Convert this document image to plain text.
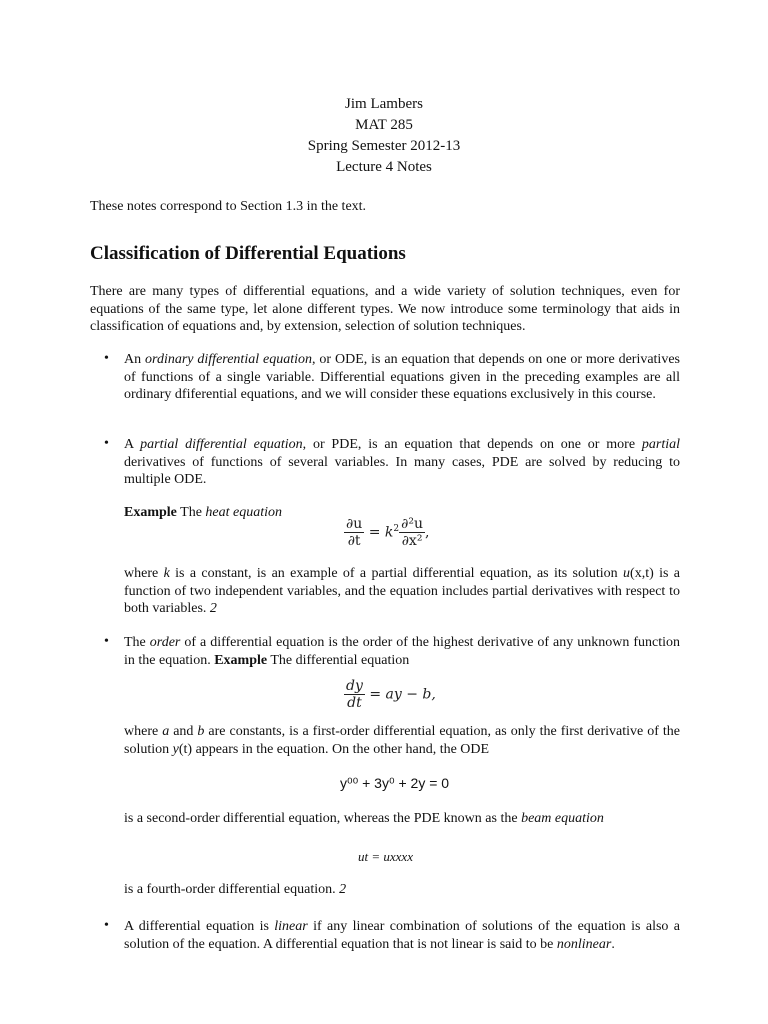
Jim Lambers
MAT 285
Spring Semester 2012-13
Lecture 4 Notes
These notes correspond to Section 1.3 in the text.
Classification of Differential Equations
There are many types of differential equations, and a wide variety of solution techniques, even for equations of the same type, let alone different types. We now introduce some terminology that aids in classification of equations and, by extension, selection of solution techniques.
• An ordinary differential equation, or ODE, is an equation that depends on one or more derivatives of functions of a single variable. Differential equations given in the preceding examples are all ordinary dfiferential equations, and we will consider these equations exclusively in this course.
• A partial differential equation, or PDE, is an equation that depends on one or more partial derivatives of functions of several variables. In many cases, PDE are solved by reducing to multiple ODE.
Example The heat equation
$\frac{\partial u}{\partial t} = k^2 \frac{\text{∂²u}}{\text{∂x²}}$ ,
where k is a constant, is an example of a partial differential equation, as its solution u(x,t) is a function of two independent variables, and the equation includes partial derivatives with respect to both variables. 2
• The order of a differential equation is the order of the highest derivative of any unknown function in the equation. Example The differential equation
$\frac{dy}{dt}$ = ay − b,
where a and b are constants, is a first-order differential equation, as only the first derivative of the solution y(t) appears in the equation. On the other hand, the ODE
y⁰⁰ + 3y⁰ + 2y = 0
is a second-order differential equation, whereas the PDE known as the beam equation
ut = uxxxx
is a fourth-order differential equation. 2
• A differential equation is linear if any linear combination of solutions of the equation is also a solution of the equation. A differential equation that is not linear is said to be nonlinear.
